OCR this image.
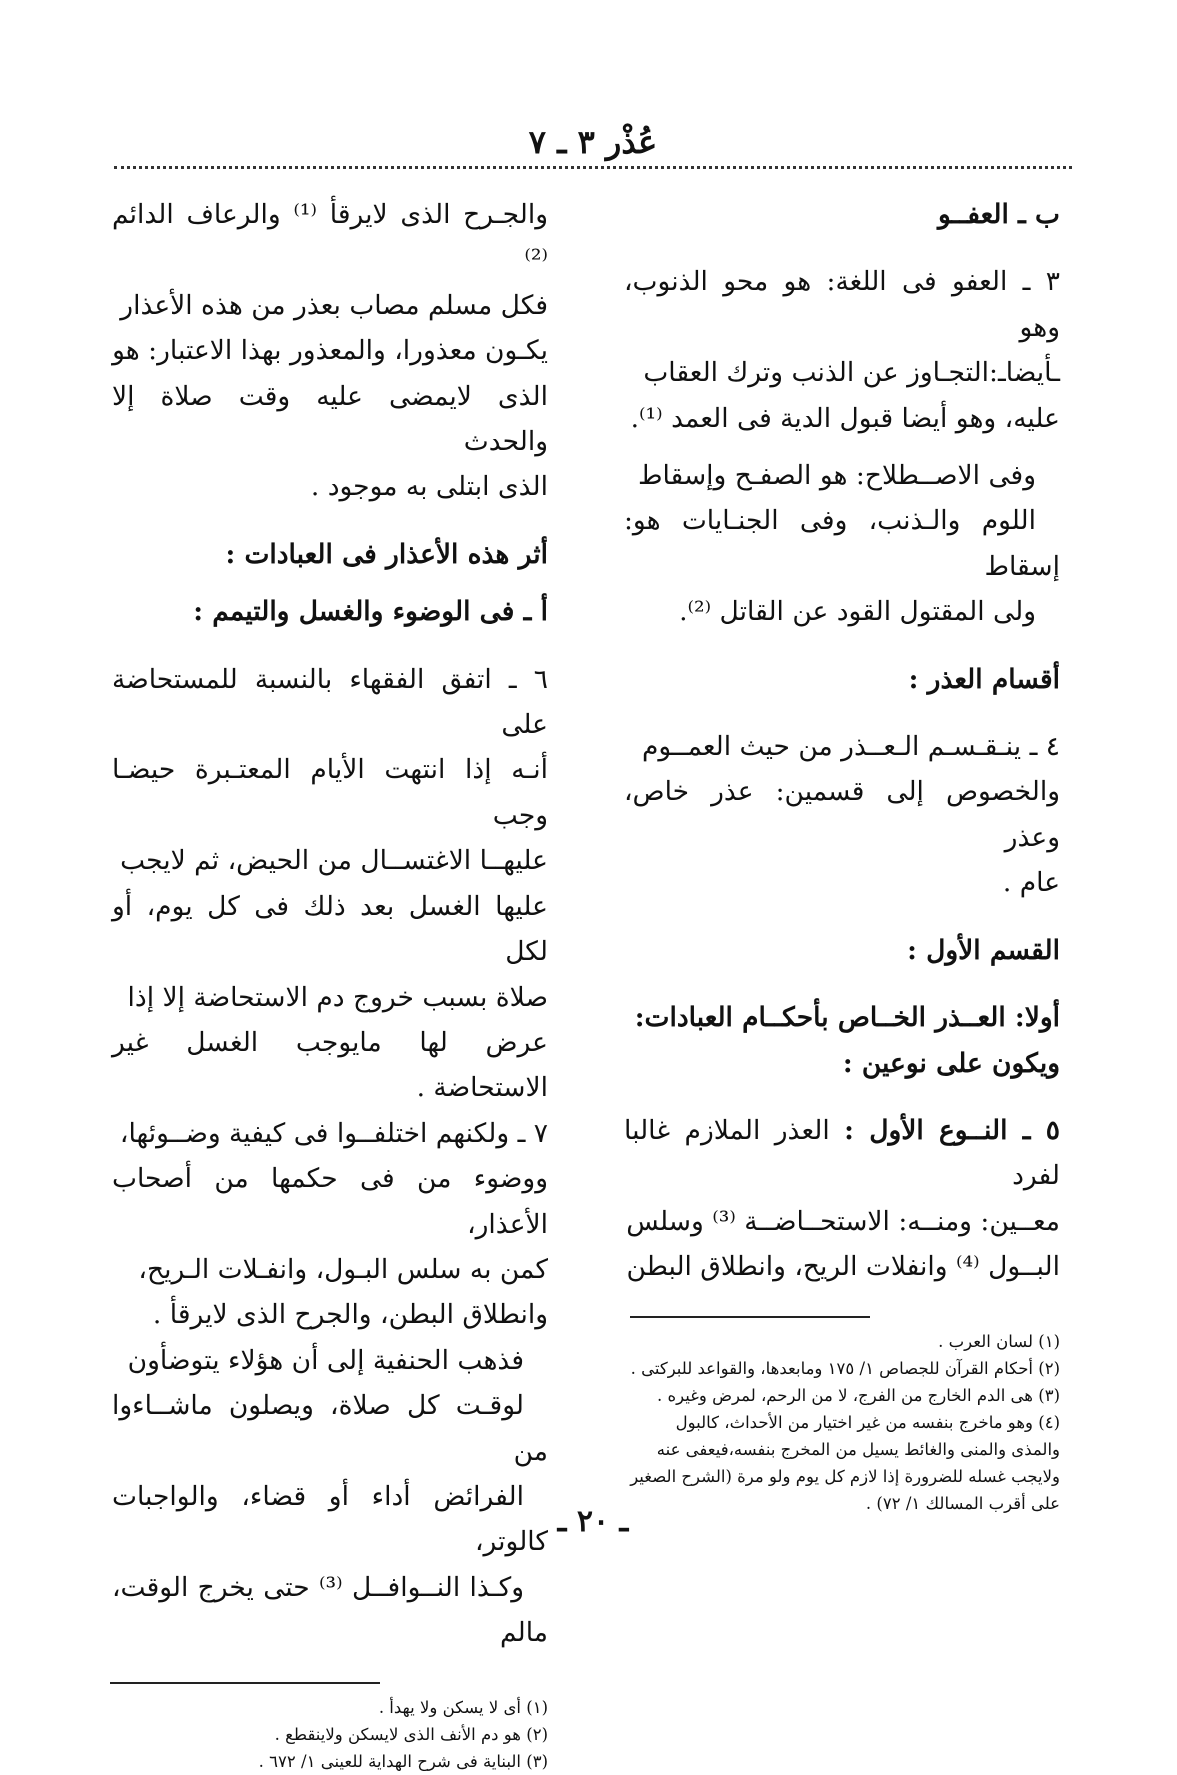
عُذْر ٣ ـ ٧

ب ـ العفــو

٣ ـ العفو فى اللغة: هو محو الذنوب، وهو

ـأيضاـ:التجـاوز عن الذنب وترك العقاب

عليه، وهو أيضا قبول الدية فى العمد ⁽¹⁾.

وفى الاصــطلاح: هو الصفـح وإسقاط

اللوم والـذنب، وفى الجنـايات هو: إسقاط

ولى المقتول القود عن القاتل ⁽²⁾.

أقسام العذر :

٤ ـ ينـقـسـم الـعــذر من حيث العمــوم

والخصوص إلى قسمين: عذر خاص، وعذر

عام .

القسم الأول :

أولا: العــذر الخــاص بأحكــام العبادات:

ويكون على نوعين :

٥ ـ النــوع الأول : العذر الملازم غالبا لفرد

معــين: ومنــه: الاستحــاضــة ⁽³⁾ وسلس

البــول ⁽⁴⁾ وانفلات الريح، وانطلاق البطن

(١) لسان العرب .

(٢) أحكام القرآن للجصاص ١/ ١٧٥ ومابعدها، والقواعد للبركتى .

(٣) هى الدم الخارج من الفرج، لا من الرحم، لمرض وغيره .

(٤) وهو ماخرج بنفسه من غير اختيار من الأحداث، كالبول والمذى والمنى والغائط يسيل من المخرج بنفسه،فيعفى عنه ولايجب غسله للضرورة إذا لازم كل يوم ولو مرة (الشرح الصغير على أقرب المسالك ١/ ٧٢) .

والجـرح الذى لايرقأ ⁽¹⁾ والرعاف الدائم ⁽²⁾

فكل مسلم مصاب بعذر من هذه الأعذار

يكـون معذورا، والمعذور بهذا الاعتبار: هو

الذى لايمضى عليه وقت صلاة إلا والحدث

الذى ابتلى به موجود .

أثر هذه الأعذار فى العبادات :

أ ـ فى الوضوء والغسل والتيمم :

٦ ـ اتفق الفقهاء بالنسبة للمستحاضة على

أنـه إذا انتهت الأيام المعتـبرة حيضـا وجب

عليهــا الاغتســال من الحيض، ثم لايجب

عليها الغسل بعد ذلك فى كل يوم، أو لكل

صلاة بسبب خروج دم الاستحاضة إلا إذا

عرض لها مايوجب الغسل غير الاستحاضة .

٧ ـ ولكنهم اختلفــوا فى كيفية وضــوئها،

ووضوء من فى حكمها من أصحاب الأعذار،

كمن به سلس البـول، وانفـلات الـريح،

وانطلاق البطن، والجرح الذى لايرقأ .

فذهب الحنفية إلى أن هؤلاء يتوضأون

لوقـت كل صلاة، ويصلون ماشــاءوا من

الفرائض أداء أو قضاء، والواجبات كالوتر،

وكـذا النــوافــل ⁽³⁾ حتى يخرج الوقت، مالم

(١) أى لا يسكن ولا يهدأ .

(٢) هو دم الأنف الذى لايسكن ولاينقطع .

(٣) البناية فى شرح الهداية للعينى ١/ ٦٧٢ .

ـ ٢٠ ـ
